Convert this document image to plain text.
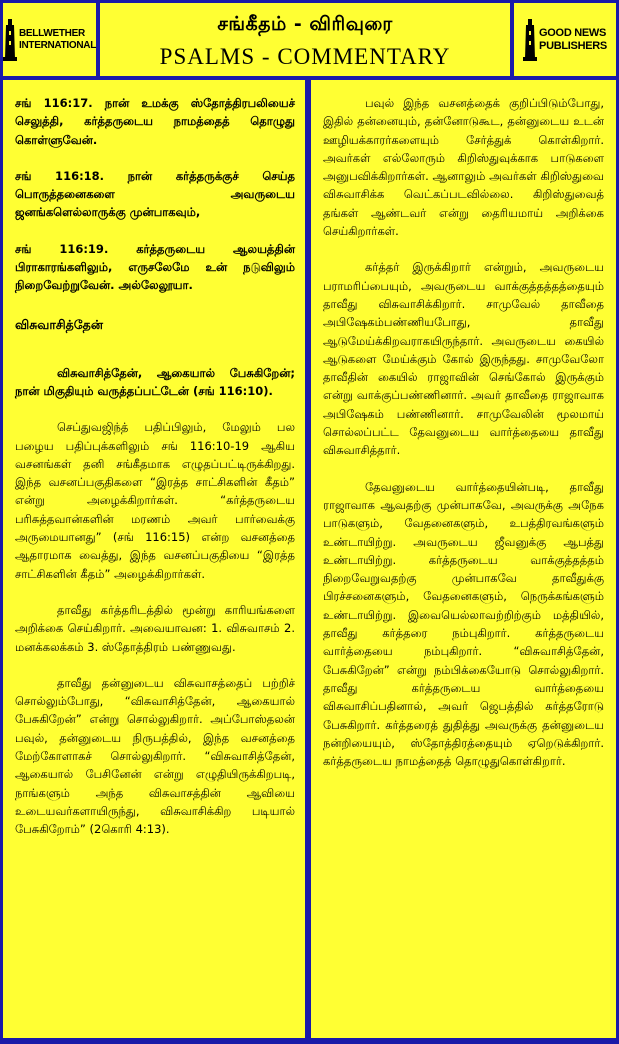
BELLWETHER
INTERNATIONAL
சங்கீதம் - விரிவுரை
PSALMS - COMMENTARY
GOOD NEWS
PUBLISHERS

சங் 116:17. நான் உமக்கு ஸ்தோத்திரபலியைச் செலுத்தி, கர்த்தருடைய நாமத்தைத் தொழுது கொள்ளுவேன்.

சங் 116:18. நான் கர்த்தருக்குச் செய்த பொருத்தனைகளை அவருடைய ஜனங்களெல்லாருக்கு முன்பாகவும்,

சங் 116:19. கர்த்தருடைய ஆலயத்தின் பிராகாரங்களிலும், எருசலேமே உன் நடுவிலும் நிறைவேற்றுவேன். அல்லேலூயா.

விசுவாசித்தேன்

விசுவாசித்தேன், ஆகையால் பேசுகிறேன்; நான் மிகுதியும் வருத்தப்பட்டேன் (சங் 116:10).

செப்துவஜிந்த் பதிப்பிலும், மேலும் பல பழைய பதிப்புக்களிலும் சங் 116:10-19 ஆகிய வசனங்கள் தனி சங்கீதமாக எழுதப்பட்டிருக்கிறது. இந்த வசனப்பகுதிகளை “இரத்த சாட்சிகளின் கீதம்” என்று அழைக்கிறார்கள். “கர்த்தருடைய பரிசுத்தவான்களின் மரணம் அவர் பார்வைக்கு அருமையானது” (சங் 116:15) என்ற வசனத்தை ஆதாரமாக வைத்து, இந்த வசனப்பகுதியை “இரத்த சாட்சிகளின் கீதம்” அழைக்கிறார்கள்.

தாவீது கர்த்தரிடத்தில் மூன்று காரியங்களை அறிக்கை செய்கிறார். அவையாவன: 1. விசுவாசம் 2. மனக்கலக்கம் 3. ஸ்தோத்திரம் பண்ணுவது.

தாவீது தன்னுடைய விசுவாசத்தைப் பற்றிச் சொல்லும்போது, “விசுவாசித்தேன், ஆகையால் பேசுகிறேன்” என்று சொல்லுகிறார். அப்போஸ்தலன் பவுல், தன்னுடைய நிருபத்தில், இந்த வசனத்தை மேற்கோளாகச் சொல்லுகிறார். “விசுவாசித்தேன், ஆகையால் பேசினேன் என்று எழுதியிருக்கிறபடி, நாங்களும் அந்த விசுவாசத்தின் ஆவியை உடையவர்களாயிருந்து, விசுவாசிக்கிற படியால் பேசுகிறோம்” (2கொரி 4:13).

பவுல் இந்த வசனத்தைக் குறிப்பிடும்போது, இதில் தன்னையும், தன்னோடுகூட, தன்னுடைய உடன் ஊழியக்காரர்களையும் சேர்த்துக் கொள்கிறார். அவர்கள் எல்லோரும் கிறிஸ்துவுக்காக பாடுகளை அனுபவிக்கிறார்கள். ஆனாலும் அவர்கள் கிறிஸ்துவை விசுவாசிக்க வெட்கப்படவில்லை. கிறிஸ்துவைத் தங்கள் ஆண்டவர் என்று தைரியமாய் அறிக்கை செய்கிறார்கள்.

கர்த்தர் இருக்கிறார் என்றும், அவருடைய பராமரிப்பையும், அவருடைய வாக்குத்தத்தத்தையும் தாவீது விசுவாசிக்கிறார். சாமுவேல் தாவீதை அபிஷேகம்பண்ணியபோது, தாவீது ஆடுமேய்க்கிறவராகயிருந்தார். அவருடைய கையில் ஆடுகளை மேய்க்கும் கோல் இருந்தது. சாமுவேலோ தாவீதின் கையில் ராஜாவின் செங்கோல் இருக்கும் என்று வாக்குப்பண்ணினார். அவர் தாவீதை ராஜாவாக அபிஷேகம் பண்ணினார். சாமுவேலின் மூலமாய் சொல்லப்பட்ட தேவனுடைய வார்த்தையை தாவீது விசுவாசித்தார்.

தேவனுடைய வார்த்தையின்படி, தாவீது ராஜாவாக ஆவதற்கு முன்பாகவே, அவருக்கு அநேக பாடுகளும், வேதனைகளும், உபத்திரவங்களும் உண்டாயிற்று. அவருடைய ஜீவனுக்கு ஆபத்து உண்டாயிற்று. கர்த்தருடைய வாக்குத்தத்தம் நிறைவேறுவதற்கு முன்பாகவே தாவீதுக்கு பிரச்சனைகளும், வேதனைகளும், நெருக்கங்களும் உண்டாயிற்று. இவையெல்லாவற்றிற்கும் மத்தியில், தாவீது கர்த்தரை நம்புகிறார். கர்த்தருடைய வார்த்தையை நம்புகிறார். “விசுவாசித்தேன், பேசுகிறேன்” என்று நம்பிக்கையோடு சொல்லுகிறார். தாவீது கர்த்தருடைய வார்த்தையை விசுவாசிப்பதினால், அவர் ஜெபத்தில் கர்த்தரோடு பேசுகிறார். கர்த்தரைத் துதித்து அவருக்கு தன்னுடைய நன்றியையும், ஸ்தோத்திரத்தையும் ஏறெடுக்கிறார். கர்த்தருடைய நாமத்தைத் தொழுதுகொள்கிறார்.
